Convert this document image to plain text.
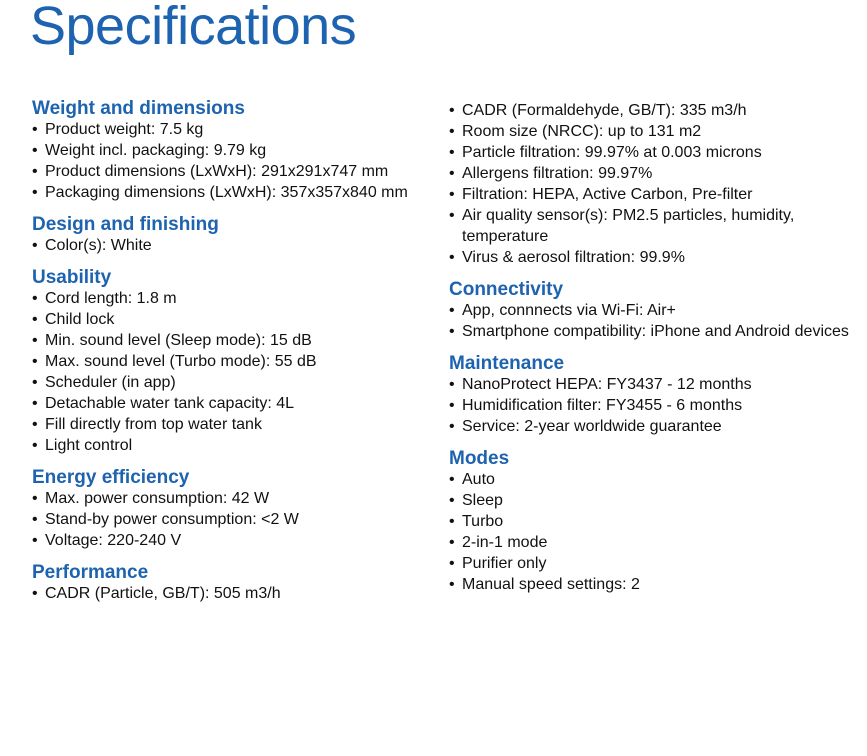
Specifications
Weight and dimensions
• Product weight: 7.5 kg
• Weight incl. packaging: 9.79 kg
• Product dimensions (LxWxH): 291x291x747 mm
• Packaging dimensions (LxWxH): 357x357x840 mm
Design and finishing
• Color(s): White
Usability
• Cord length: 1.8 m
• Child lock
• Min. sound level (Sleep mode): 15 dB
• Max. sound level (Turbo mode): 55 dB
• Scheduler (in app)
• Detachable water tank capacity: 4L
• Fill directly from top water tank
• Light control
Energy efficiency
• Max. power consumption: 42 W
• Stand-by power consumption: <2 W
• Voltage: 220-240 V
Performance
• CADR (Particle, GB/T): 505 m3/h
• CADR (Formaldehyde, GB/T): 335 m3/h
• Room size (NRCC): up to 131 m2
• Particle filtration: 99.97% at 0.003 microns
• Allergens filtration: 99.97%
• Filtration: HEPA, Active Carbon, Pre-filter
• Air quality sensor(s): PM2.5 particles, humidity, temperature
• Virus & aerosol filtration: 99.9%
Connectivity
• App, connnects via Wi-Fi: Air+
• Smartphone compatibility: iPhone and Android devices
Maintenance
• NanoProtect HEPA: FY3437 - 12 months
• Humidification filter: FY3455 - 6 months
• Service: 2-year worldwide guarantee
Modes
• Auto
• Sleep
• Turbo
• 2-in-1 mode
• Purifier only
• Manual speed settings: 2
